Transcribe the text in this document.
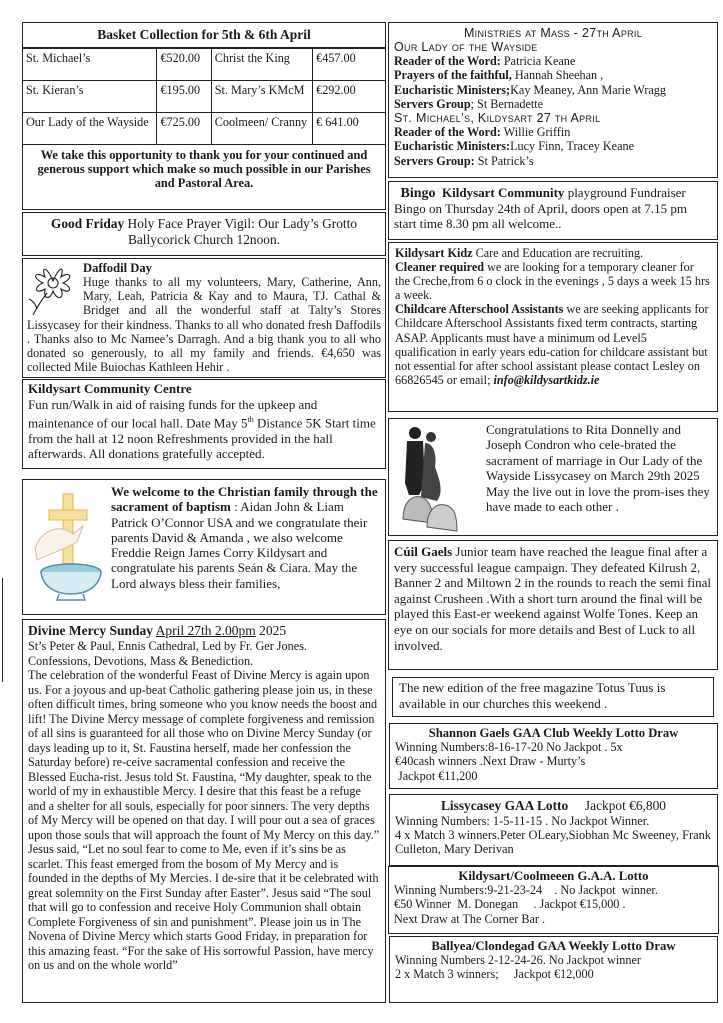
Basket Collection for 5th & 6th April
St. Michael’s	€520.00	Christ the King	€457.00
St. Kieran’s	€195.00	St. Mary’s KMcM	€292.00
Our Lady of the Wayside	€725.00	Coolmeen/ Cranny	€ 641.00
We take this opportunity to thank you for your continued and generous support which make so much possible in our Parishes and Pastoral Area.
Good Friday Holy Face Prayer Vigil: Our Lady’s Grotto Ballycorick Church 12noon.
Daffodil Day
Huge thanks to all my volunteers, Mary, Catherine, Ann, Mary, Leah, Patricia & Kay and to Maura, TJ. Cathal & Bridget and all the wonderful staff at Talty’s Stores Lissycasey for their kindness. Thanks to all who donated fresh Daffodils . Thanks also to Mc Namee’s Darragh. And a big thank you to all who donated so generously, to all my family and friends. €4,650 was collected Mile Buiochas Kathleen Hehir .
Kildysart Community Centre
Fun run/Walk in aid of raising funds for the upkeep and maintenance of our local hall. Date May 5th Distance 5K Start time from the hall at 12 noon Refreshments provided in the hall afterwards. All donations gratefully accepted.
We welcome to the Christian family through the sacrament of baptism : Aidan John & Liam Patrick O’Connor USA and we congratulate their parents David & Amanda , we also welcome Freddie Reign James Corry Kildysart and congratulate his parents Seán & Ciara. May the Lord always bless their families,
Divine Mercy Sunday April 27th 2.00pm 2025
St’s Peter & Paul, Ennis Cathedral, Led by Fr. Ger Jones.
Confessions, Devotions, Mass & Benediction.
The celebration of the wonderful Feast of Divine Mercy is again upon us. For a joyous and up-beat Catholic gathering please join us, in these often difficult times, bring someone who you know needs the boost and lift! The Divine Mercy message of complete forgiveness and remission of all sins is guaranteed for all those who on Divine Mercy Sunday (or days leading up to it, St. Faustina herself, made her confession the Saturday before) re-ceive sacramental confession and receive the Blessed Eucha-rist. Jesus told St. Faustina, “My daughter, speak to the world of my in exhaustible Mercy. I desire that this feast be a refuge and a shelter for all souls, especially for poor sinners. The very depths of My Mercy will be opened on that day. I will pour out a sea of graces upon those souls that will approach the fount of My Mercy on this day.” Jesus said, “Let no soul fear to come to Me, even if it’s sins be as scarlet. This feast emerged from the bosom of My Mercy and is founded in the depths of My Mercies. I de-sire that it be celebrated with great solemnity on the First Sunday after Easter”. Jesus said “The soul that will go to confession and receive Holy Communion shall obtain Complete Forgiveness of sin and punishment”. Please join us in The Novena of Divine Mercy which starts Good Friday, in preparation for this amazing feast. “For the sake of His sorrowful Passion, have mercy on us and on the whole world”
Ministries at Mass - 27th April
Our Lady of the Wayside
Reader of the Word: Patricia Keane
Prayers of the faithful, Hannah Sheehan ,
Eucharistic Ministers;Kay Meaney, Ann Marie Wragg
Servers Group; St Bernadette
St. Michael’s, Kildysart 27 th April
Reader of the Word: Willie Griffin
Eucharistic Ministers:Lucy Finn, Tracey Keane
Servers Group: St Patrick’s
Bingo Kildysart Community playground Fundraiser Bingo on Thursday 24th of April, doors open at 7.15 pm start time 8.30 pm all welcome..
Kildysart Kidz Care and Education are recruiting.
Cleaner required we are looking for a temporary cleaner for the Creche,from 6 o clock in the evenings , 5 days a week 15 hrs a week.
Childcare Afterschool Assistants we are seeking applicants for Childcare Afterschool Assistants fixed term contracts, starting ASAP. Applicants must have a minimum od Level5 qualification in early years edu-cation for childcare assistant but not essential for after school assistant please contact Lesley on 66826545 or email; info@kildysartkidz.ie
Congratulations to Rita Donnelly and Joseph Condron who cele-brated the sacrament of marriage in Our Lady of the Wayside Lissycasey on March 29th 2025 May the live out in love the prom-ises they have made to each other .
Cúil Gaels Junior team have reached the league final after a very successful league campaign. They defeated Kilrush 2, Banner 2 and Miltown 2 in the rounds to reach the semi final against Crusheen .With a short turn around the final will be played this East-er weekend against Wolfe Tones. Keep an eye on our socials for more details and Best of Luck to all involved.
The new edition of the free magazine Totus Tuus is available in our churches this weekend .
Shannon Gaels GAA Club Weekly Lotto Draw
Winning Numbers:8-16-17-20 No Jackpot . 5x
€40cash winners .Next Draw - Murty’s
Jackpot €11,200
Lissycasey GAA Lotto     Jackpot €6,800
Winning Numbers: 1-5-11-15 . No Jackpot Winner.
4 x Match 3 winners.Peter OLeary,Siobhan Mc Sweeney, Frank Culleton, Mary Derivan
Kildysart/Coolmeeen G.A.A. Lotto
Winning Numbers:9-21-23-24    . No Jackpot  winner.
€50 Winner  M. Donegan     . Jackpot €15,000 .
Next Draw at The Corner Bar .
Ballyea/Clondegad GAA Weekly Lotto Draw
Winning Numbers 2-12-24-26. No Jackpot winner
2 x Match 3 winners;     Jackpot €12,000
